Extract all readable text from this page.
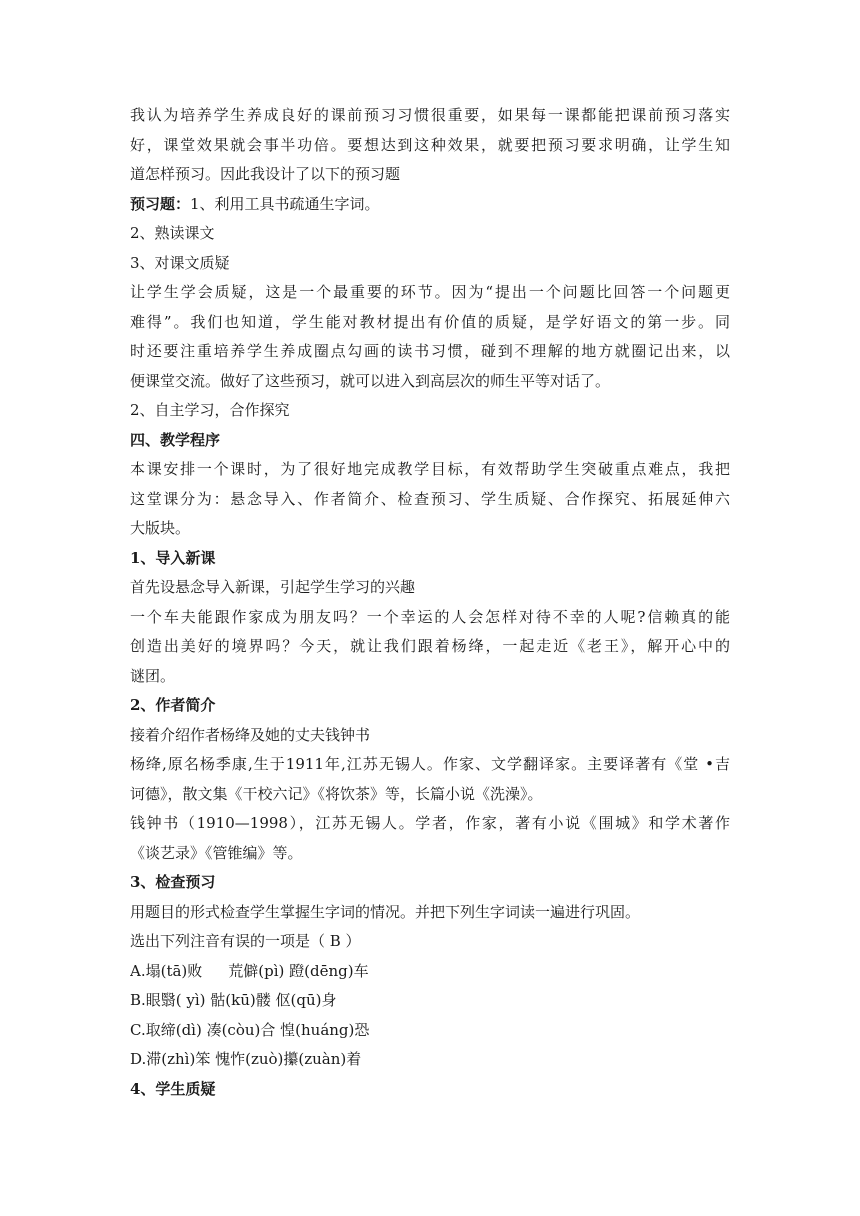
我认为培养学生养成良好的课前预习习惯很重要，如果每一课都能把课前预习落实
好，课堂效果就会事半功倍。要想达到这种效果，就要把预习要求明确，让学生知
道怎样预习。因此我设计了以下的预习题
预习题：1、利用工具书疏通生字词。
2、熟读课文
3、对课文质疑
让学生学会质疑，这是一个最重要的环节。因为“提出一个问题比回答一个问题更
难得”。我们也知道，学生能对教材提出有价值的质疑，是学好语文的第一步。同
时还要注重培养学生养成圈点勾画的读书习惯，碰到不理解的地方就圈记出来，以
便课堂交流。做好了这些预习，就可以进入到高层次的师生平等对话了。
2、自主学习，合作探究
四、教学程序
本课安排一个课时，为了很好地完成教学目标，有效帮助学生突破重点难点，我把
这堂课分为：悬念导入、作者简介、检查预习、学生质疑、合作探究、拓展延伸六
大版块。
1、导入新课
首先设悬念导入新课，引起学生学习的兴趣
一个车夫能跟作家成为朋友吗？一个幸运的人会怎样对待不幸的人呢?信赖真的能
创造出美好的境界吗？今天，就让我们跟着杨绛，一起走近《老王》，解开心中的
谜团。
2、作者简介
接着介绍作者杨绛及她的丈夫钱钟书
杨绛,原名杨季康,生于1911年,江苏无锡人。作家、文学翻译家。主要译著有《堂 •吉
诃德》，散文集《干校六记》《将饮茶》等，长篇小说《洗澡》。
钱钟书（1910—1998），江苏无锡人。学者，作家，著有小说《围城》和学术著作
《谈艺录》《管锥编》等。
3、检查预习
用题目的形式检查学生掌握生字词的情况。并把下列生字词读一遍进行巩固。
选出下列注音有误的一项是（ B ）
A.塌(tā)败 荒僻(pì) 蹬(dēng)车
B.眼翳( yì) 骷(kū)髅 伛(qū)身
C.取缔(dì) 凑(còu)合 惶(huáng)恐
D.滞(zhì)笨 愧怍(zuò)攥(zuàn)着
4、学生质疑
